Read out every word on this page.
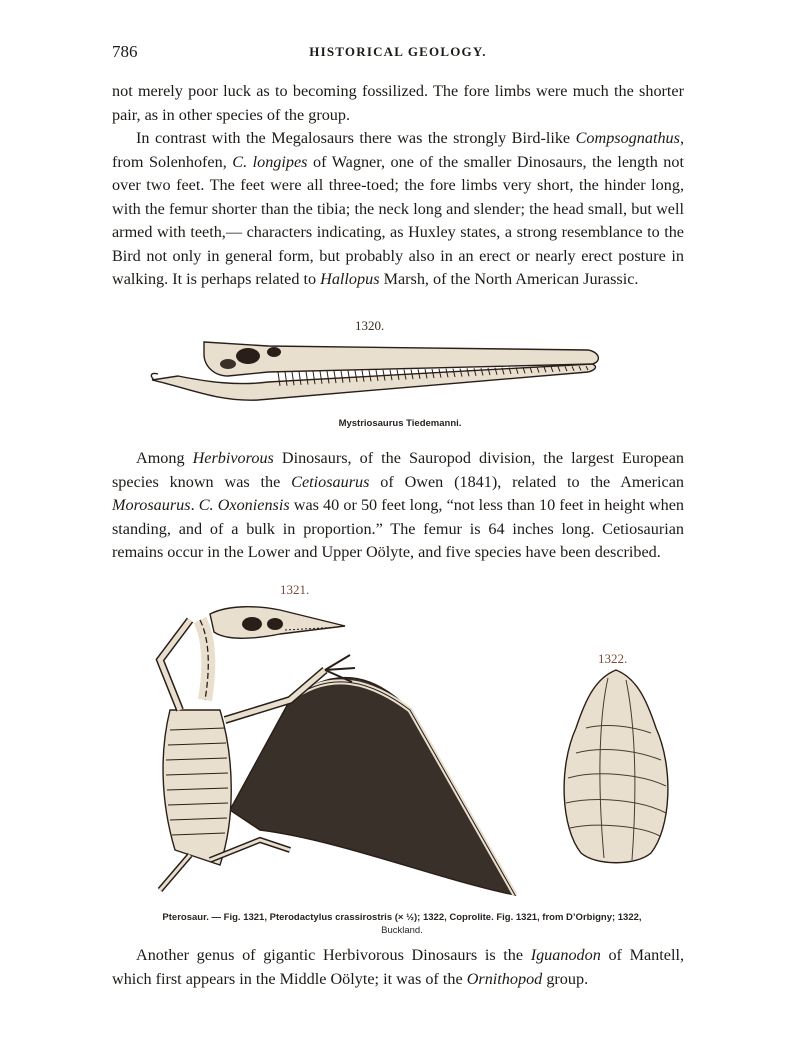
786	HISTORICAL GEOLOGY.

not merely poor luck as to becoming fossilized. The fore limbs were much the shorter pair, as in other species of the group.

In contrast with the Megalosaurs there was the strongly Bird-like Compsognathus, from Solenhofen, C. longipes of Wagner, one of the smaller Dinosaurs, the length not over two feet. The feet were all three-toed; the fore limbs very short, the hinder long, with the femur shorter than the tibia; the neck long and slender; the head small, but well armed with teeth,— characters indicating, as Huxley states, a strong resemblance to the Bird not only in general form, but probably also in an erect or nearly erect posture in walking. It is perhaps related to Hallopus Marsh, of the North American Jurassic.

1320.
Mystriosaurus Tiedemanni.

Among Herbivorous Dinosaurs, of the Sauropod division, the largest European species known was the Cetiosaurus of Owen (1841), related to the American Morosaurus. C. Oxoniensis was 40 or 50 feet long, “not less than 10 feet in height when standing, and of a bulk in proportion.” The femur is 64 inches long. Cetiosaurian remains occur in the Lower and Upper Oölyte, and five species have been described.

1321.
1322.
Pterosaur. — Fig. 1321, Pterodactylus crassirostris (× ½); 1322, Coprolite. Fig. 1321, from D’Orbigny; 1322,
Buckland.

Another genus of gigantic Herbivorous Dinosaurs is the Iguanodon of Mantell, which first appears in the Middle Oölyte; it was of the Ornithopod group.
